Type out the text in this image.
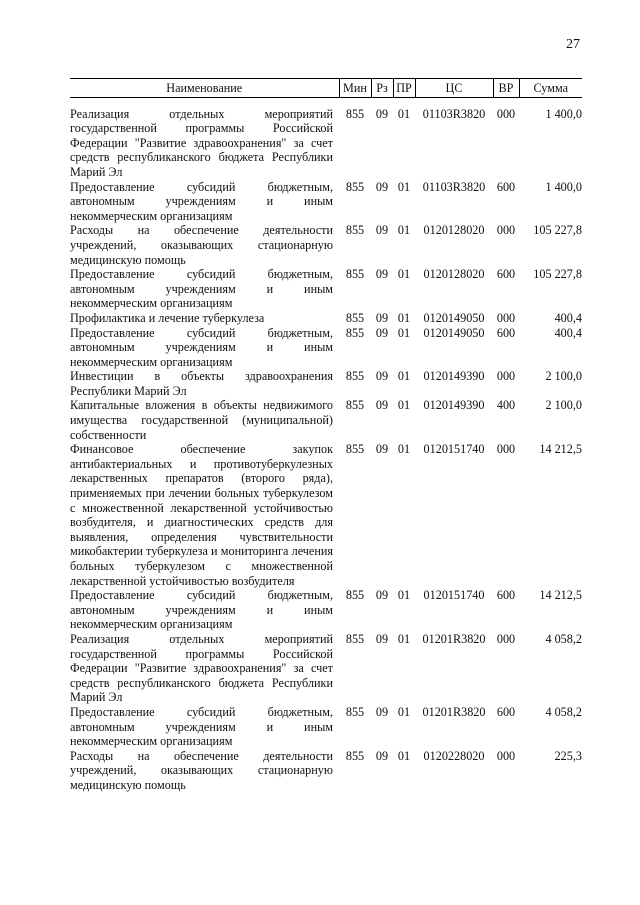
27
Наименование	Мин	Рз	ПР	ЦС	ВР	Сумма
Реализация отдельных мероприятий государственной программы Российской Федерации "Развитие здравоохранения" за счет средств республиканского бюджета Республики Марий Эл	855	09	01	01103R3820	000	1 400,0
Предоставление субсидий бюджетным, автономным учреждениям и иным некоммерческим организациям	855	09	01	01103R3820	600	1 400,0
Расходы на обеспечение деятельности учреждений, оказывающих стационарную медицинскую помощь	855	09	01	0120128020	000	105 227,8
Предоставление субсидий бюджетным, автономным учреждениям и иным некоммерческим организациям	855	09	01	0120128020	600	105 227,8
Профилактика и лечение туберкулеза	855	09	01	0120149050	000	400,4
Предоставление субсидий бюджетным, автономным учреждениям и иным некоммерческим организациям	855	09	01	0120149050	600	400,4
Инвестиции в объекты здравоохранения Республики Марий Эл	855	09	01	0120149390	000	2 100,0
Капитальные вложения в объекты недвижимого имущества государственной (муниципальной) собственности	855	09	01	0120149390	400	2 100,0
Финансовое обеспечение закупок антибактериальных и противотуберкулезных лекарственных препаратов (второго ряда), применяемых при лечении больных туберкулезом с множественной лекарственной устойчивостью возбудителя, и диагностических средств для выявления, определения чувствительности микобактерии туберкулеза и мониторинга лечения больных туберкулезом с множественной лекарственной устойчивостью возбудителя	855	09	01	0120151740	000	14 212,5
Предоставление субсидий бюджетным, автономным учреждениям и иным некоммерческим организациям	855	09	01	0120151740	600	14 212,5
Реализация отдельных мероприятий государственной программы Российской Федерации "Развитие здравоохранения" за счет средств республиканского бюджета Республики Марий Эл	855	09	01	01201R3820	000	4 058,2
Предоставление субсидий бюджетным, автономным учреждениям и иным некоммерческим организациям	855	09	01	01201R3820	600	4 058,2
Расходы на обеспечение деятельности учреждений, оказывающих стационарную медицинскую помощь	855	09	01	0120228020	000	225,3
